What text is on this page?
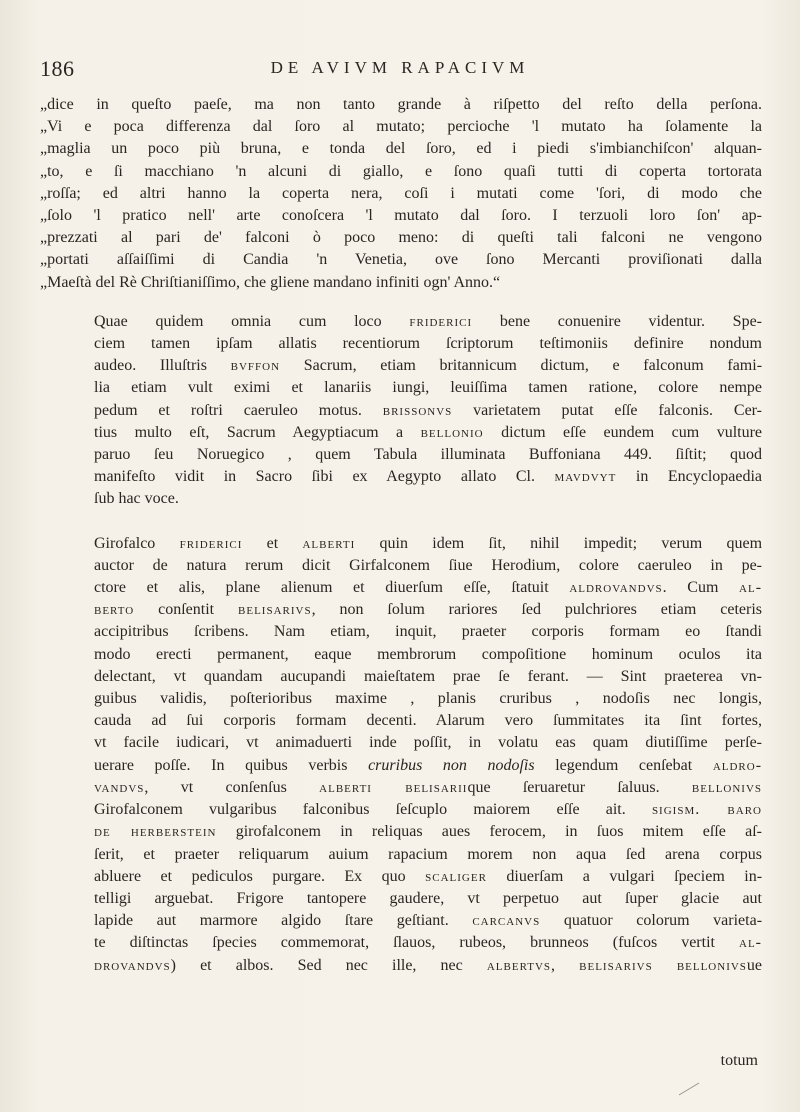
186	DE AVIVM RAPACIVM

„dice in queſto paeſe, ma non tanto grande à riſpetto del reſto della perſona.
„Vi e poca differenza dal ſoro al mutato; percioche 'l mutato ha ſolamente la
„maglia un poco più bruna, e tonda del ſoro, ed i piedi s'imbianchiſcon' alquan-
„to, e ſi macchiano 'n alcuni di giallo, e ſono quaſi tutti di coperta tortorata
„roſſa; ed altri hanno la coperta nera, coſi i mutati come 'ſori, di modo che
„ſolo 'l pratico nell' arte conoſcera 'l mutato dal ſoro. I terzuoli loro ſon' ap-
„prezzati al pari de' falconi ò poco meno: di queſti tali falconi ne vengono
„portati aſſaiſſimi di Candia 'n Venetia, ove ſono Mercanti proviſionati dalla
„Maeſtà del Rè Chriſtianiſſimo, che gliene mandano infiniti ogn' Anno.“

Quae quidem omnia cum loco friderici bene conuenire videntur. Spe-
ciem tamen ipſam allatis recentiorum ſcriptorum teſtimoniis definire nondum
audeo. Illuſtris bvffon Sacrum, etiam britannicum dictum, e falconum fami-
lia etiam vult eximi et lanariis iungi, leuiſſima tamen ratione, colore nempe
pedum et roſtri caeruleo motus. brissonvs varietatem putat eſſe falconis. Cer-
tius multo eſt, Sacrum Aegyptiacum a bellonio dictum eſſe eundem cum vulture
paruo ſeu Noruegico , quem Tabula illuminata Buffoniana 449. ſiſtit; quod
manifeſto vidit in Sacro ſibi ex Aegypto allato Cl. mavdvyt in Encyclopaedia
ſub hac voce.

Girofalco friderici et alberti quin idem ſit, nihil impedit; verum quem
auctor de natura rerum dicit Girfalconem ſiue Herodium, colore caeruleo in pe-
ctore et alis, plane alienum et diuerſum eſſe, ſtatuit aldrovandvs. Cum al-
berto conſentit belisarivs, non ſolum rariores ſed pulchriores etiam ceteris
accipitribus ſcribens. Nam etiam, inquit, praeter corporis formam eo ſtandi
modo erecti permanent, eaque membrorum compoſitione hominum oculos ita
delectant, vt quandam aucupandi maieſtatem prae ſe ferant. — Sint praeterea vn-
guibus validis, poſterioribus maxime , planis cruribus , nodoſis nec longis,
cauda ad ſui corporis formam decenti. Alarum vero ſummitates ita ſint fortes,
vt facile iudicari, vt animaduerti inde poſſit, in volatu eas quam diutiſſime perſe-
uerare poſſe. In quibus verbis cruribus non nodoſis legendum cenſebat aldro-
vandvs, vt conſenſus alberti belisariique ſeruaretur ſaluus. bellonivs
Girofalconem vulgaribus falconibus ſeſcuplo maiorem eſſe ait. sigism. baro
de herberstein girofalconem in reliquas aues ferocem, in ſuos mitem eſſe aſ-
ſerit, et praeter reliquarum auium rapacium morem non aqua ſed arena corpus
abluere et pediculos purgare. Ex quo scaliger diuerſam a vulgari ſpeciem in-
telligi arguebat. Frigore tantopere gaudere, vt perpetuo aut ſuper glacie aut
lapide aut marmore algido ſtare geſtiant. carcanvs quatuor colorum varieta-
te diſtinctas ſpecies commemorat, ſlauos, rubeos, brunneos (fuſcos vertit al-
drovandvs) et albos. Sed nec ille, nec albertvs, belisarivs bellonivsue

totum
